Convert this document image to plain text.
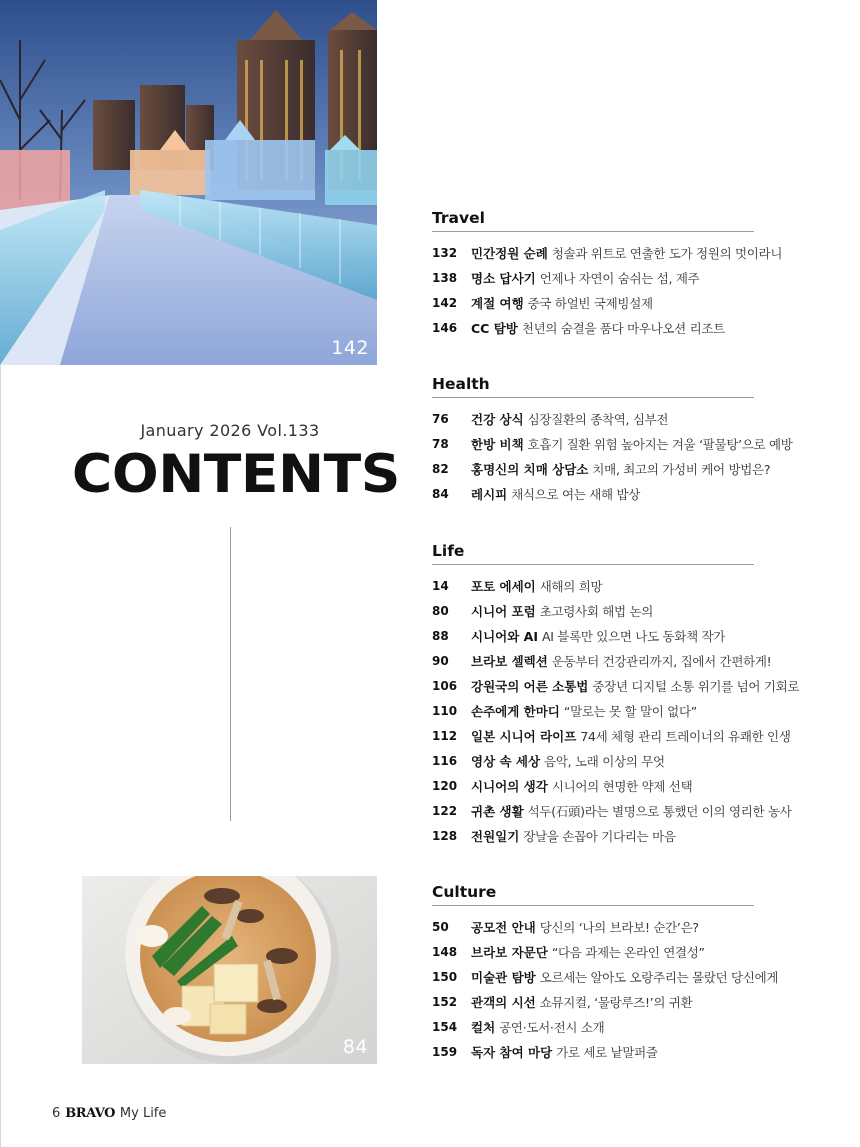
142
January 2026 Vol.133
CONTENTS
84
Travel
132	민간정원 순례 청솔과 위트로 연출한 도가 정원의 멋이라니
138	명소 답사기 언제나 자연이 숨쉬는 섬, 제주
142	계절 여행 중국 하얼빈 국제빙설제
146	CC 탐방 천년의 숨결을 품다 마우나오션 리조트
Health
76	건강 상식 심장질환의 종착역, 심부전
78	한방 비책 호흡기 질환 위험 높아지는 겨울 ‘팔물탕’으로 예방
82	홍명신의 치매 상담소 치매, 최고의 가성비 케어 방법은?
84	레시피 채식으로 여는 새해 밥상
Life
14	포토 에세이 새해의 희망
80	시니어 포럼 초고령사회 해법 논의
88	시니어와 AI AI 블록만 있으면 나도 동화책 작가
90	브라보 셀렉션 운동부터 건강관리까지, 집에서 간편하게!
106	강원국의 어른 소통법 중장년 디지털 소통 위기를 넘어 기회로
110	손주에게 한마디 “말로는 못 할 말이 없다”
112	일본 시니어 라이프 74세 체형 관리 트레이너의 유쾌한 인생
116	영상 속 세상 음악, 노래 이상의 무엇
120	시니어의 생각 시니어의 현명한 약제 선택
122	귀촌 생활 석두(石頭)라는 별명으로 통했던 이의 영리한 농사
128	전원일기 장날을 손꼽아 기다리는 마음
Culture
50	공모전 안내 당신의 ‘나의 브라보! 순간’은?
148	브라보 자문단 “다음 과제는 온라인 연결성”
150	미술관 탐방 오르세는 알아도 오랑주리는 몰랐던 당신에게
152	관객의 시선 쇼뮤지컬, ‘물랑루즈!’의 귀환
154	컬처 공연·도서·전시 소개
159	독자 참여 마당 가로 세로 낱말퍼즐
6 BRAVO My Life
